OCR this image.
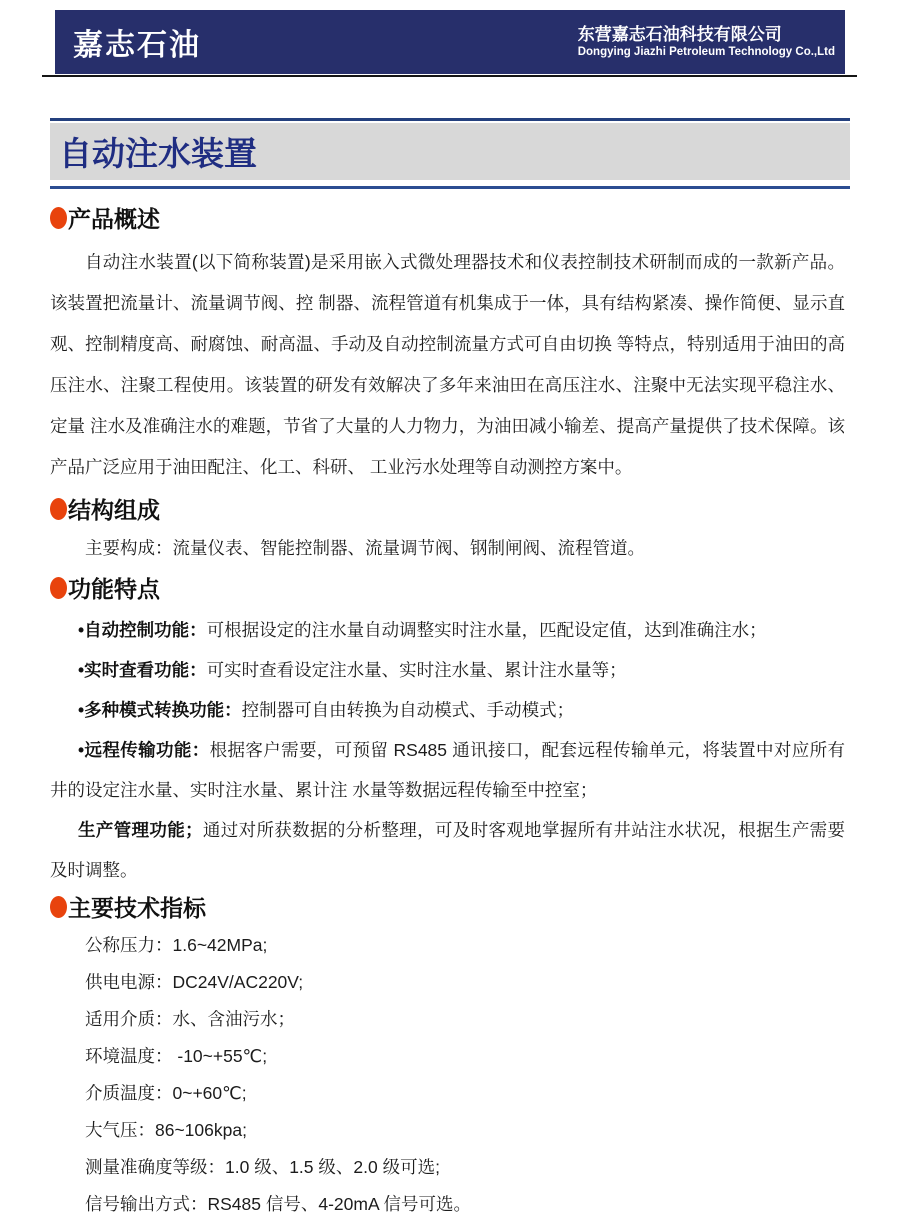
嘉志石油	东营嘉志石油科技有限公司
Dongying Jiazhi Petroleum Technology Co.,Ltd
自动注水装置
产品概述
自动注水装置(以下简称装置)是采用嵌入式微处理器技术和仪表控制技术研制而成的一款新产品。该装置把流量计、流量调节阀、控 制器、流程管道有机集成于一体，具有结构紧凑、操作简便、显示直观、控制精度高、耐腐蚀、耐高温、手动及自动控制流量方式可自由切换 等特点，特别适用于油田的高压注水、注聚工程使用。该装置的研发有效解决了多年来油田在高压注水、注聚中无法实现平稳注水、定量 注水及准确注水的难题，节省了大量的人力物力，为油田减小输差、提高产量提供了技术保障。该产品广泛应用于油田配注、化工、科研、 工业污水处理等自动测控方案中。
结构组成
主要构成：流量仪表、智能控制器、流量调节阀、钢制闸阀、流程管道。
功能特点
•自动控制功能：可根据设定的注水量自动调整实时注水量，匹配设定值，达到准确注水；
•实时查看功能：可实时查看设定注水量、实时注水量、累计注水量等；
•多种模式转换功能：控制器可自由转换为自动模式、手动模式；
•远程传输功能：根据客户需要，可预留 RS485 通讯接口，配套远程传输单元，将装置中对应所有井的设定注水量、实时注水量、累计注 水量等数据远程传输至中控室；
生产管理功能；通过对所获数据的分析整理，可及时客观地掌握所有井站注水状况，根据生产需要及时调整。
主要技术指标
公称压力：1.6~42MPa;
供电电源：DC24V/AC220V;
适用介质：水、含油污水；
环境温度： -10~+55℃;
介质温度：0~+60℃;
大气压：86~106kpa;
测量准确度等级：1.0 级、1.5 级、2.0 级可选;
信号输出方式：RS485 信号、4-20mA 信号可选。
